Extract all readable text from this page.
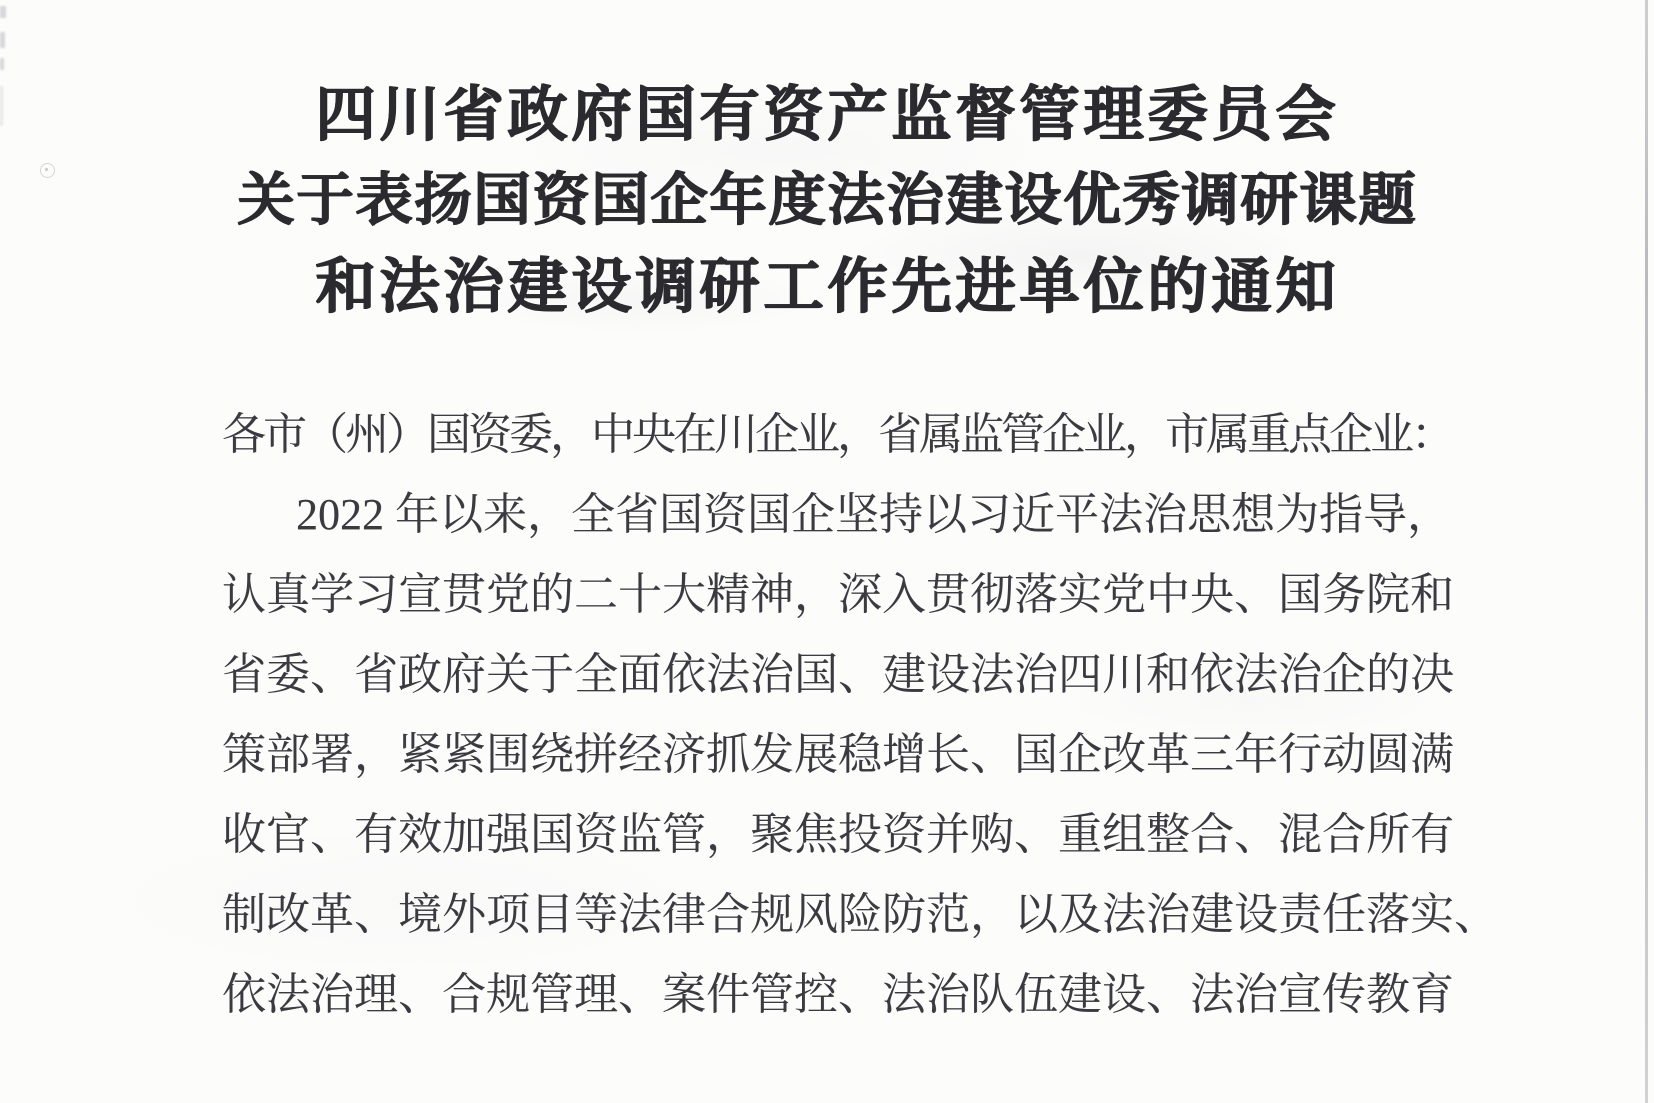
四川省政府国有资产监督管理委员会
关于表扬国资国企年度法治建设优秀调研课题
和法治建设调研工作先进单位的通知

各市（州）国资委，中央在川企业，省属监管企业，市属重点企业：

2022 年以来，全省国资国企坚持以习近平法治思想为指导，

认真学习宣贯党的二十大精神，深入贯彻落实党中央、国务院和

省委、省政府关于全面依法治国、建设法治四川和依法治企的决

策部署，紧紧围绕拼经济抓发展稳增长、国企改革三年行动圆满

收官、有效加强国资监管，聚焦投资并购、重组整合、混合所有

制改革、境外项目等法律合规风险防范，以及法治建设责任落实、

依法治理、合规管理、案件管控、法治队伍建设、法治宣传教育
